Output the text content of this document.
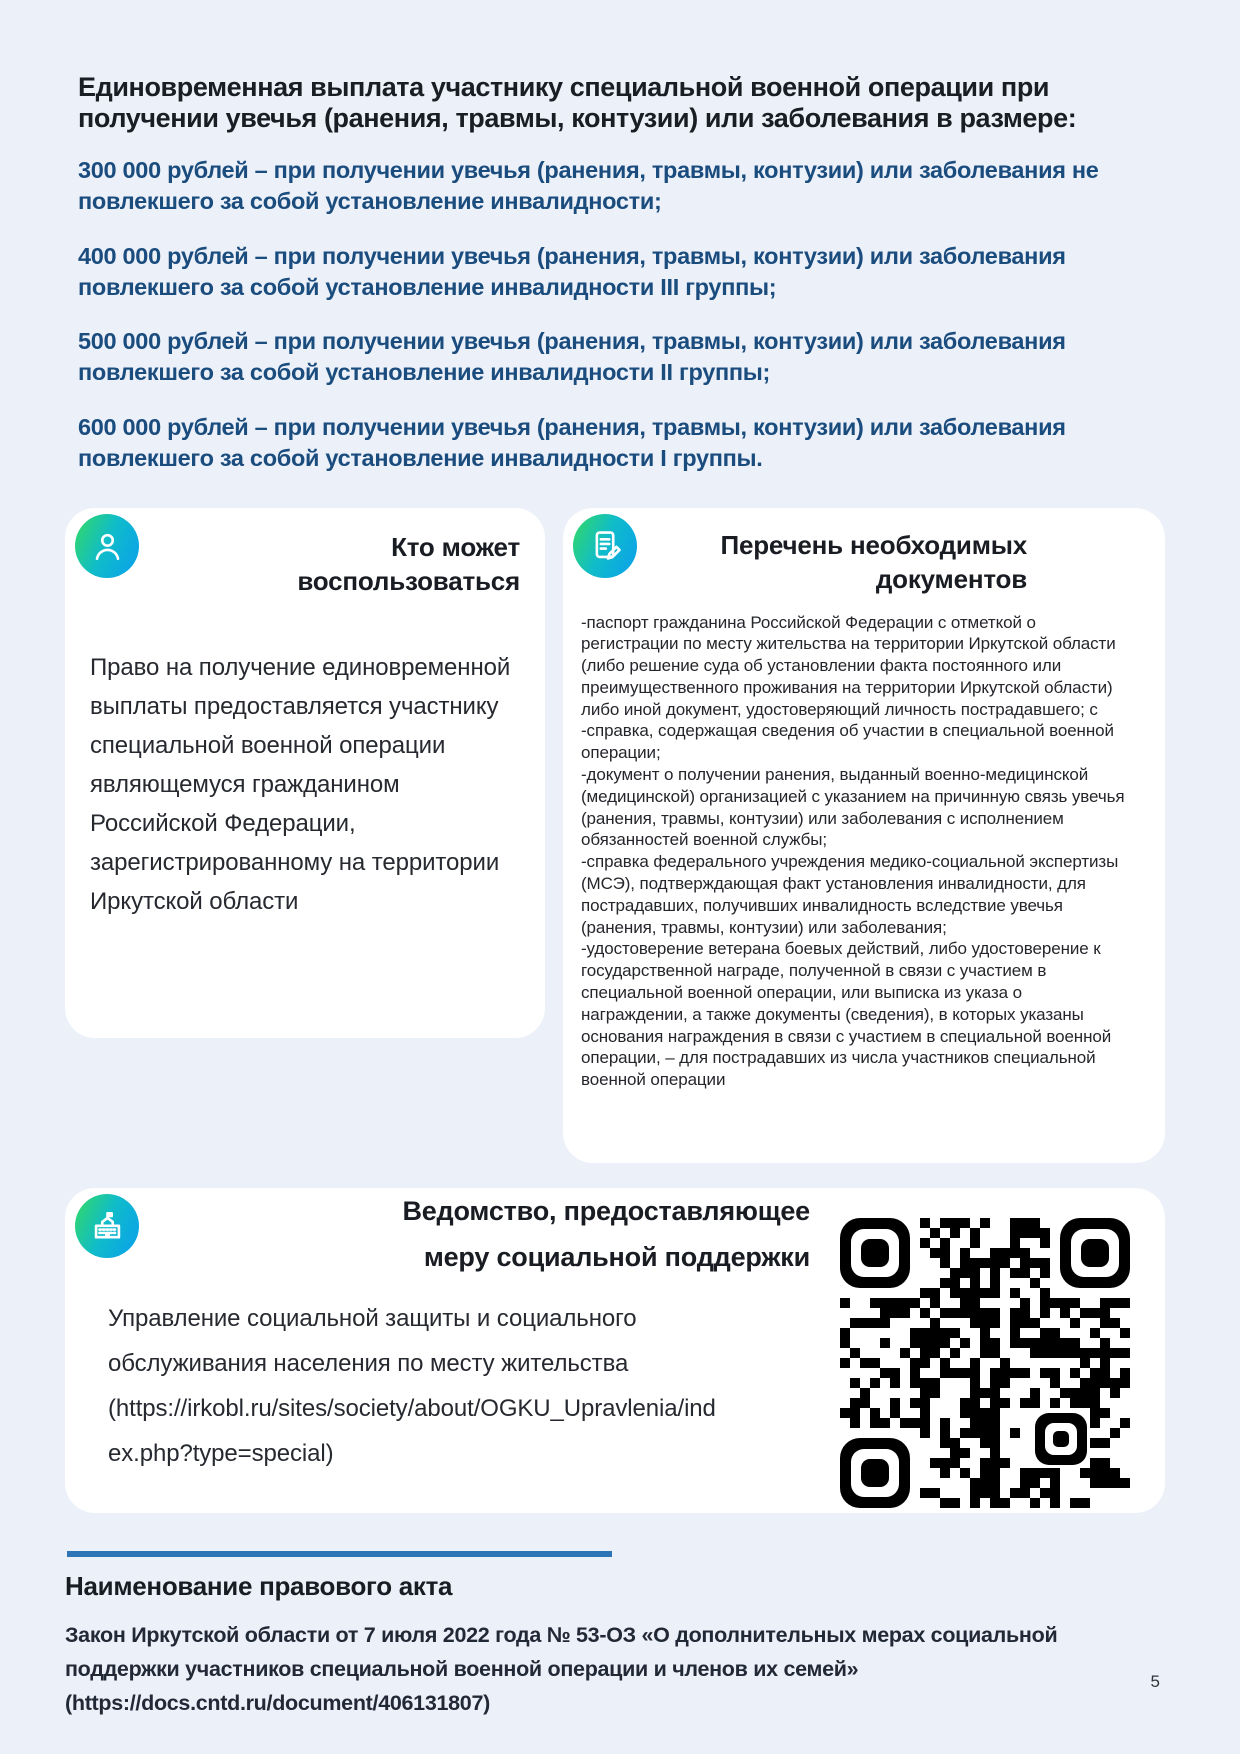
Единовременная выплата участнику специальной военной операции при получении увечья (ранения, травмы, контузии) или заболевания в размере:

300 000 рублей – при получении увечья (ранения, травмы, контузии) или заболевания не повлекшего за собой установление инвалидности;

400 000 рублей – при получении увечья (ранения, травмы, контузии) или заболевания повлекшего за собой установление инвалидности III группы;

500 000 рублей – при получении увечья (ранения, травмы, контузии) или заболевания повлекшего за собой установление инвалидности II группы;

600 000 рублей – при получении увечья (ранения, травмы, контузии) или заболевания повлекшего за собой установление инвалидности I группы.

Кто может воспользоваться
Право на получение единовременной выплаты предоставляется участнику специальной военной операции являющемуся гражданином Российской Федерации, зарегистрированному на территории Иркутской области
Перечень необходимых документов

-паспорт гражданина Российской Федерации с отметкой о регистрации по месту жительства на территории Иркутской области (либо решение суда об установлении факта постоянного или преимущественного проживания на территории Иркутской области) либо иной документ, удостоверяющий личность пострадавшего; с

-справка, содержащая сведения об участии в специальной военной операции;

-документ о получении ранения, выданный военно-медицинской (медицинской) организацией с указанием на причинную связь увечья (ранения, травмы, контузии) или заболевания с исполнением обязанностей военной службы;

-справка федерального учреждения медико-социальной экспертизы (МСЭ), подтверждающая факт установления инвалидности, для пострадавших, получивших инвалидность вследствие увечья (ранения, травмы, контузии) или заболевания;

-удостоверение ветерана боевых действий, либо удостоверение к государственной награде, полученной в связи с участием в специальной военной операции, или выписка из указа о награждении, а также документы (сведения), в которых указаны основания награждения в связи с участием в специальной военной операции, – для пострадавших из числа участников специальной военной операции

Ведомство, предоставляющее меру социальной поддержки
Управление социальной защиты и социального обслуживания населения по месту жительства (https://irkobl.ru/sites/society/about/OGKU_Upravlenia/index.php?type=special)
Наименование правового акта
Закон Иркутской области от 7 июля 2022 года № 53-ОЗ «О дополнительных мерах социальной поддержки участников специальной военной операции и членов их семей» (https://docs.cntd.ru/document/406131807)
5
